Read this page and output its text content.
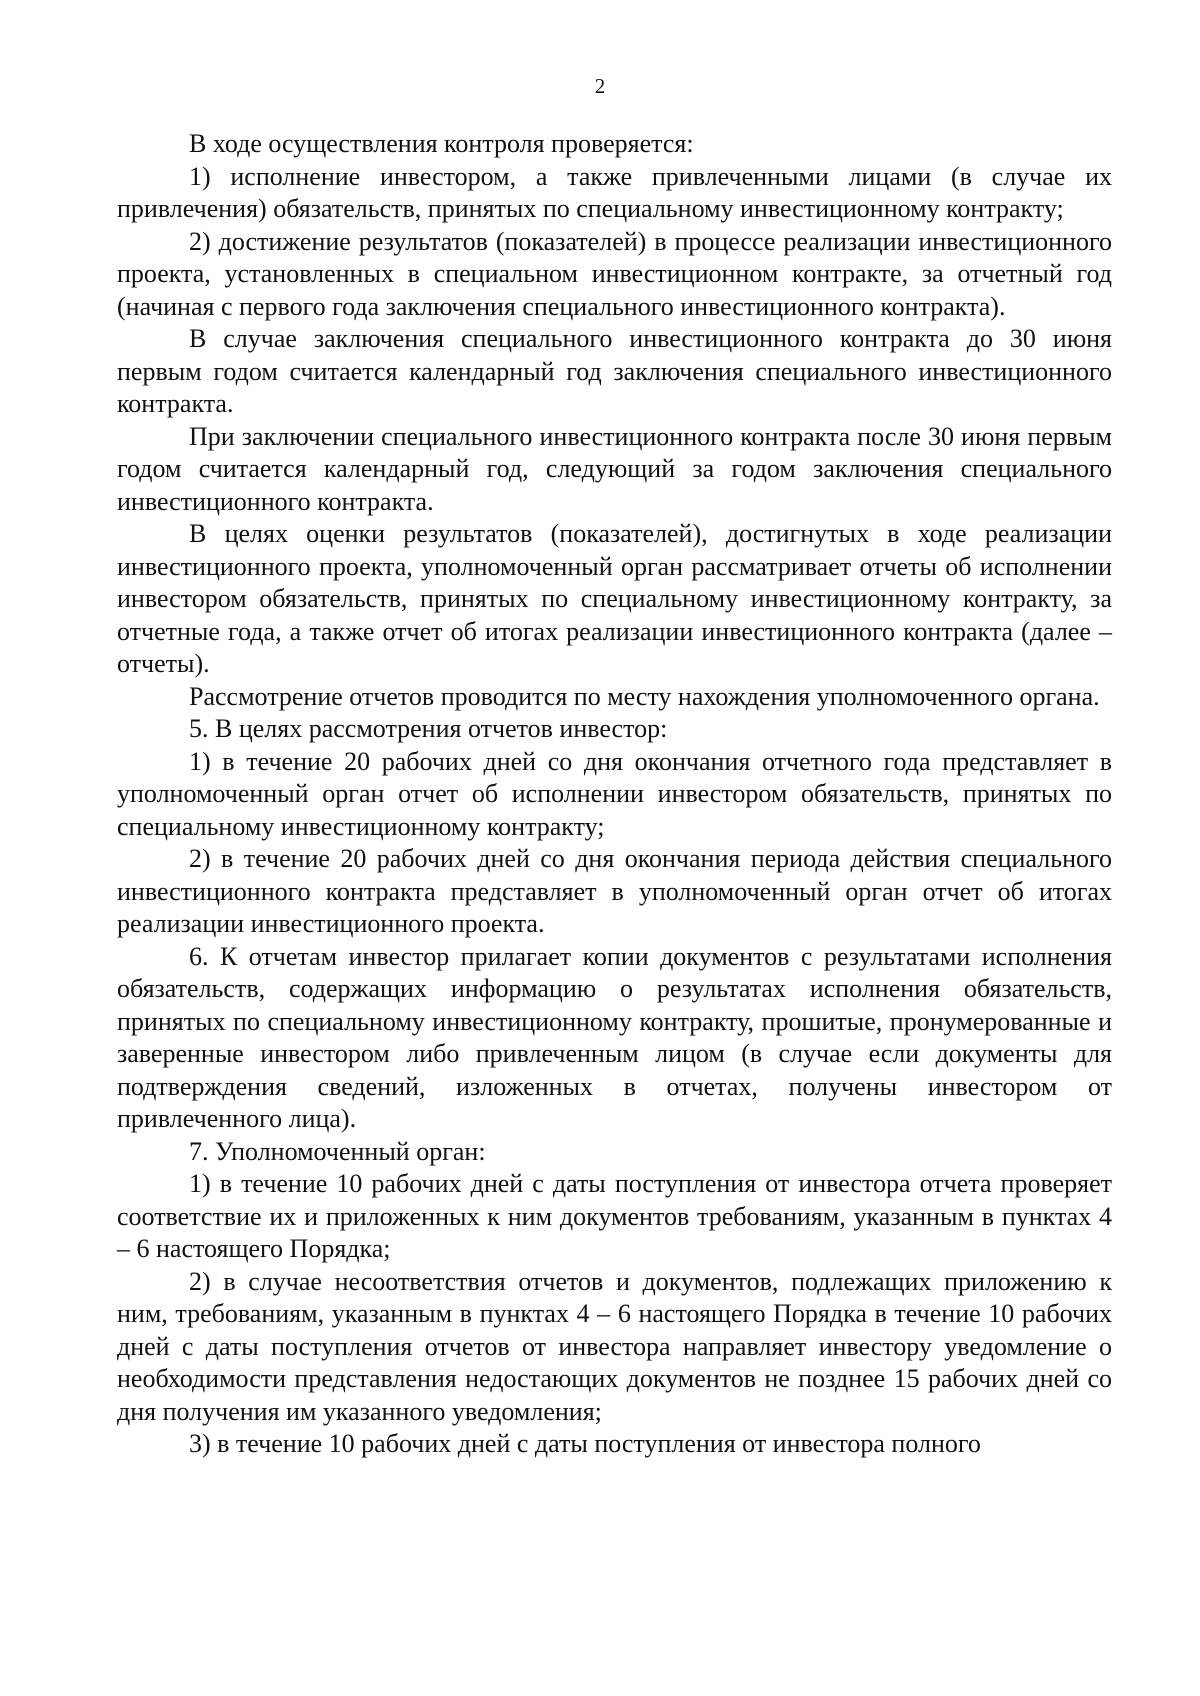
2

В ходе осуществления контроля проверяется:

1) исполнение инвестором, а также привлеченными лицами (в случае их привлечения) обязательств, принятых по специальному инвестиционному контракту;

2) достижение результатов (показателей) в процессе реализации инвестиционного проекта, установленных в специальном инвестиционном контракте, за отчетный год (начиная с первого года заключения специального инвестиционного контракта).

В случае заключения специального инвестиционного контракта до 30 июня первым годом считается календарный год заключения специального инвестиционного контракта.

При заключении специального инвестиционного контракта после 30 июня первым годом считается календарный год, следующий за годом заключения специального инвестиционного контракта.

В целях оценки результатов (показателей), достигнутых в ходе реализации инвестиционного проекта, уполномоченный орган рассматривает отчеты об исполнении инвестором обязательств, принятых по специальному инвестиционному контракту, за отчетные года, а также отчет об итогах реализации инвестиционного контракта (далее – отчеты).

Рассмотрение отчетов проводится по месту нахождения уполномоченного органа.

5. В целях рассмотрения отчетов инвестор:

1) в течение 20 рабочих дней со дня окончания отчетного года представляет в уполномоченный орган отчет об исполнении инвестором обязательств, принятых по специальному инвестиционному контракту;

2) в течение 20 рабочих дней со дня окончания периода действия специального инвестиционного контракта представляет в уполномоченный орган отчет об итогах реализации инвестиционного проекта.

6. К отчетам инвестор прилагает копии документов с результатами исполнения обязательств, содержащих информацию о результатах исполнения обязательств, принятых по специальному инвестиционному контракту, прошитые, пронумерованные и заверенные инвестором либо привлеченным лицом (в случае если документы для подтверждения сведений, изложенных в отчетах, получены инвестором от привлеченного лица).

7. Уполномоченный орган:

1) в течение 10 рабочих дней с даты поступления от инвестора отчета проверяет соответствие их и приложенных к ним документов требованиям, указанным в пунктах 4 – 6 настоящего Порядка;

2) в случае несоответствия отчетов и документов, подлежащих приложению к ним, требованиям, указанным в пунктах 4 – 6 настоящего Порядка в течение 10 рабочих дней с даты поступления отчетов от инвестора направляет инвестору уведомление о необходимости представления недостающих документов не позднее 15 рабочих дней со дня получения им указанного уведомления;

3) в течение 10 рабочих дней с даты поступления от инвестора полного
